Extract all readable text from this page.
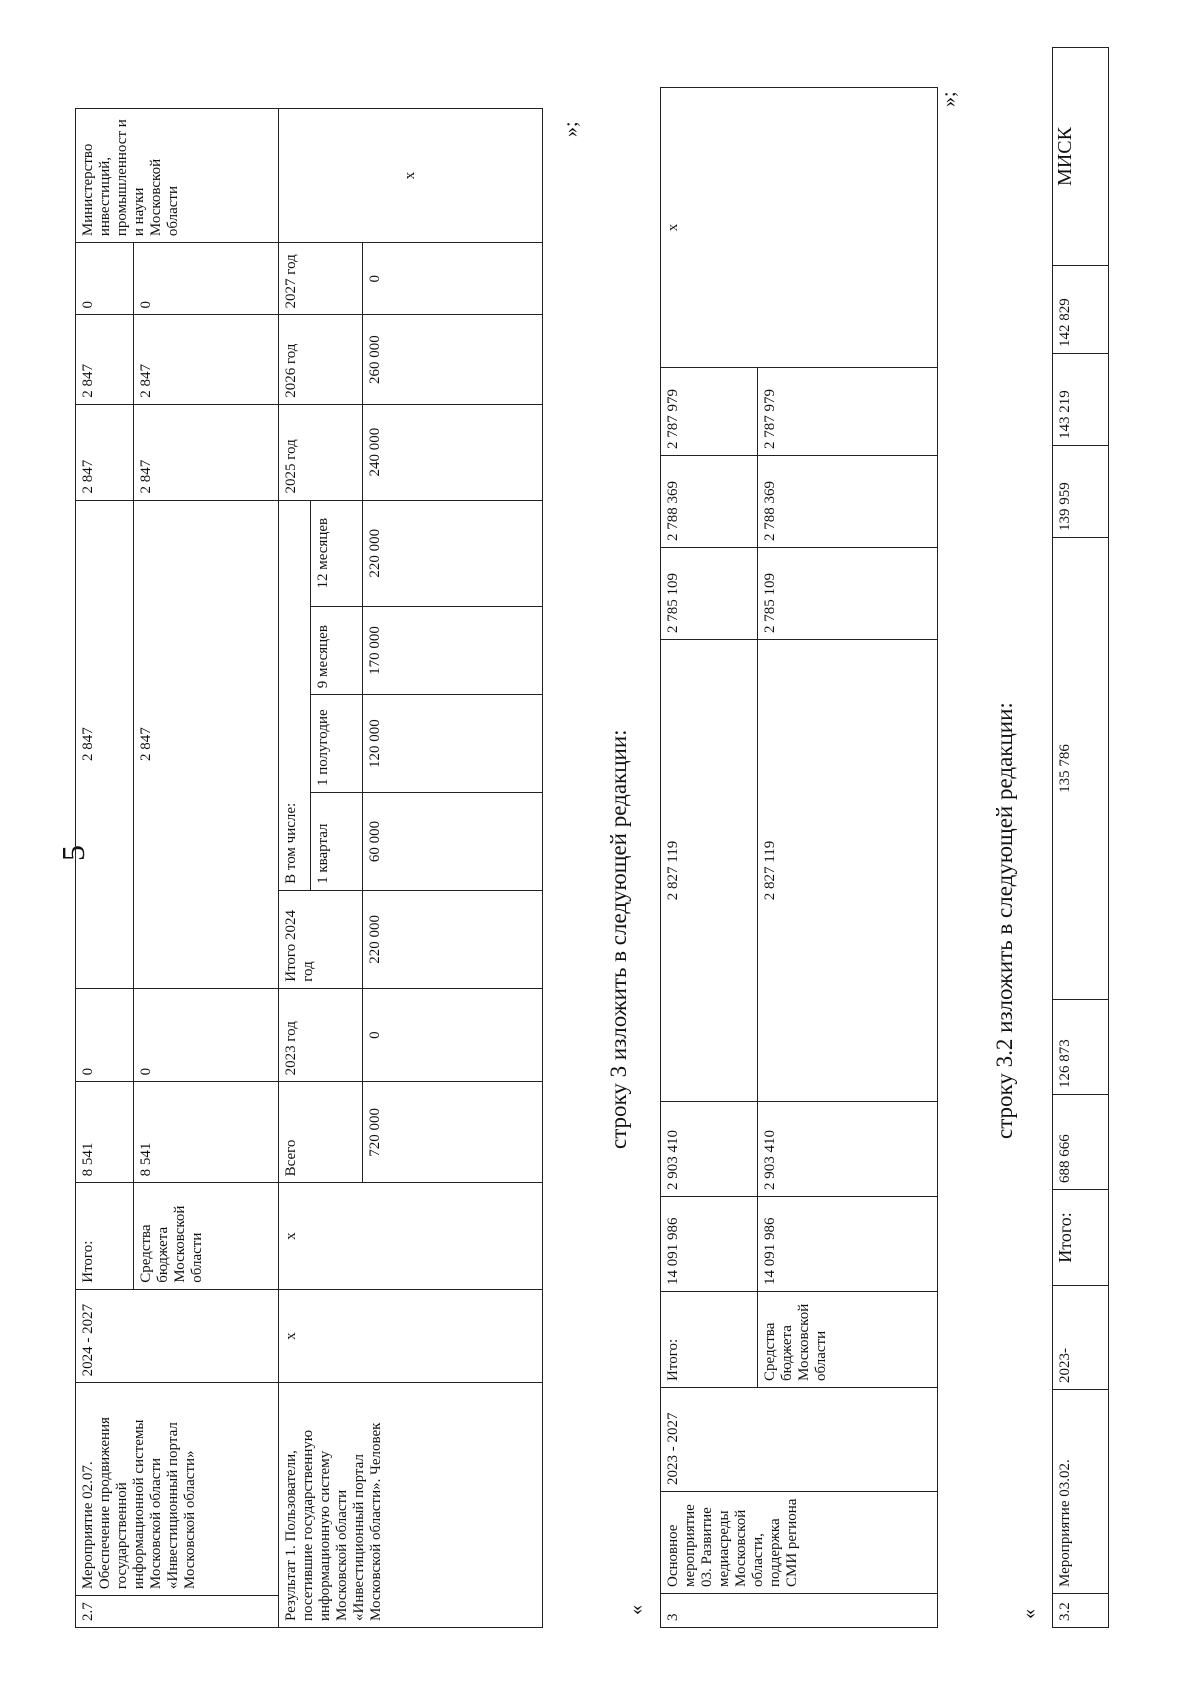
5
2.7	Мероприятие 02.07. Обеспечение продвижения государственной информационной системы Московской области «Инвестиционный портал Московской области»	2024 - 2027	Итого:	8 541	0	2 847					2 847	2 847	0	Министерство инвестиций, промышленност и и науки Московской области
			Средства бюджета Московской области	8 541	0	2 847					2 847	2 847	0	
Результат 1. Пользователи, посетившие государственную информационную систему Московской области «Инвестиционный портал Московской области». Человек		х	х	Всего	2023 год	Итого 2024 год	В том числе:				2025 год	2026 год	2027 год	х
							1 квартал	1 полугодие	9 месяцев	12 месяцев				
				720 000	0	220 000	60 000	120 000	170 000	220 000	240 000	260 000	0	
»;
строку 3 изложить в следующей редакции:
«
3	Основное мероприятие 03. Развитие медиасреды Московской области, поддержка СМИ региона	2023 - 2027	Итого:	14 091 986	2 903 410	2 827 119	2 785 109	2 788 369	2 787 979	х
			Средства бюджета Московской области	14 091 986	2 903 410	2 827 119	2 785 109	2 788 369	2 787 979	
»;
строку 3.2 изложить в следующей редакции:
« 3.2	Мероприятие 03.02.	2023-	Итого:	688 666	126 873	135 786	139 959	143 219	142 829	МИСК
